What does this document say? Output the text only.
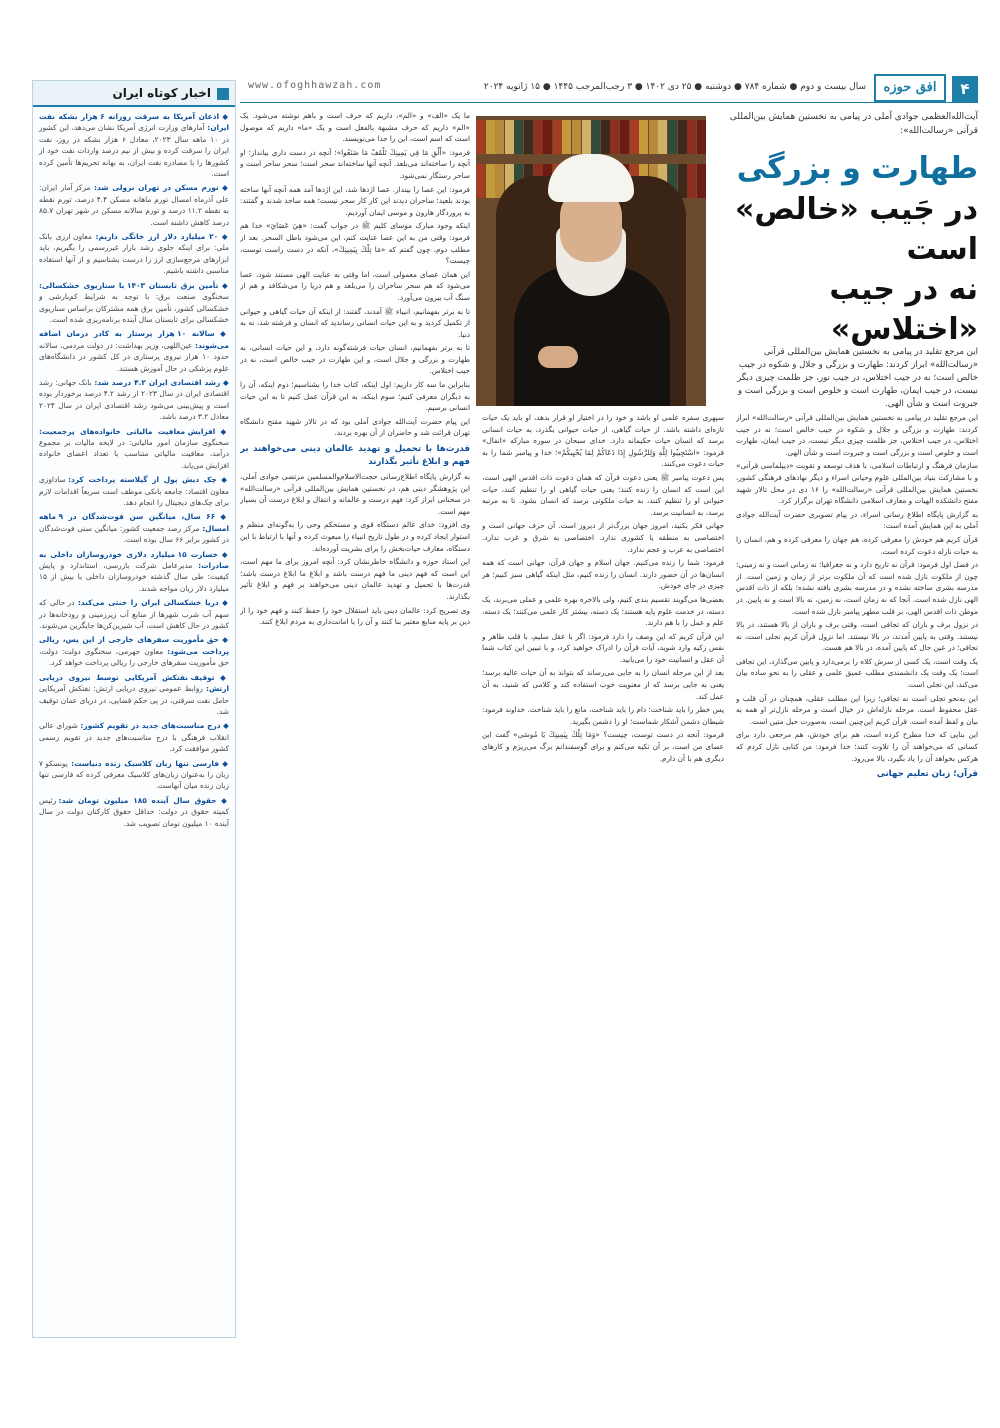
۴
افق حوزه
سال بیست و دوم ● شماره ۷۸۴ ● دوشنبه ● ۲۵ دی ۱۴۰۲ ● ۳ رجب‌المرجب ۱۴۴۵ ● ۱۵ ژانویه ۲۰۲۴
www.ofoghhawzah.com
اخبار کوتاه ایران
◆ اذعان آمریکا به سرقت روزانه ۶ هزار بشکه نفت ایران: آمارهای وزارت انرژی آمریکا نشان می‌دهد، این کشور در ۱۰ ماهه سال ۲۰۲۳، معادل ۶ هزار بشکه در روز، نفت ایران را سرقت کرده و بیش از نیم درصد واردات نفت خود از کشورها را با مصادره نفت ایران، به بهانه تحریم‌ها تأمین کرده است.
◆ تورم مسکن در تهران نزولی شد: مرکز آمار ایران: علی آذرماه امسال تورم ماهانه مسکن ۴.۴ درصد، تورم نقطه به نقطه ۱۱.۲ درصد و تورم سالانه مسکن در شهر تهران ۸۵.۷ درصد کاهش داشته است.
◆ ۲۰ میلیارد دلار ارز خانگی داریم: معاون ارزی بانک ملی: برای اینکه جلوی رشد بازار غیررسمی را بگیریم، باید ابزارهای مرجع‌سازی ارز را درست بشناسیم و از آنها استفاده مناسبی داشته باشیم.
◆ تأمین برق تابستان ۱۴۰۳ با سناریوی خشکسالی: سخنگوی صنعت برق: با توجه به شرایط کم‌بارشی و خشکسالی کشور، تأمین برق همه مشترکان براساس سناریوی خشکسالی برای تابستان سال آینده برنامه‌ریزی شده است.
◆ سالانه ۱۰ هزار پرستار به کادر درمان اضافه می‌شوند: عین‌اللهی، وزیر بهداشت: در دولت مردمی، سالانه حدود ۱۰ هزار نیروی پرستاری در کل کشور در دانشگاه‌های علوم پزشکی در حال آموزش هستند.
◆ رشد اقتصادی ایران ۴.۲ درصد شد: بانک جهانی: رشد اقتصادی ایران در سال ۲۰۲۳ از رشد ۴.۲ درصد برخوردار بوده است و پیش‌بینی می‌شود رشد اقتصادی ایران در سال ۲۰۲۴ معادل ۳.۲ درصد باشد.
◆ افزایش معافیت مالیاتی خانواده‌های پرجمعیت: سخنگوی سازمان امور مالیاتی: در لایحه مالیات بر مجموع درآمد، معافیت مالیاتی متناسب با تعداد اعضای خانواده افزایش می‌یابد.
◆ چک دیش پول از گیلاسته پرداخت کرد: ساداوزی معاون اقتصاد: جامعه بانکی موظف است سریعاً اقدامات لازم برای چک‌های دیجیتال را انجام دهد.
◆ ۶۶ سال، میانگین سن فوت‌شدگان در ۹ ماهه امسال: مرکز رصد جمعیت کشور: میانگین سنی فوت‌شدگان در کشور برابر ۶۶ سال بوده است.
◆ خسارت ۱۵ میلیارد دلاری خودروسازان داخلی به صادرات: مدیرعامل شرکت بازرسی، استاندارد و پایش کیفیت: طی سال گذشته خودروسازان داخلی با بیش از ۱۵ میلیارد دلار زیان مواجه شدند.
◆ دریا خشکسالی ایران را خنثی می‌کند: در حالی که سهم آب شرب شهرها از منابع آب زیرزمینی و رودخانه‌ها در کشور در حال کاهش است، آب شیرین‌کن‌ها جایگزین می‌شوند.
◆ حق مأموریت سفرهای خارجی از این پس، ریالی پرداخت می‌شود: معاون جهرمی، سخنگوی دولت: دولت، حق مأموریت سفرهای خارجی را ریالی پرداخت خواهد کرد.
◆ توقیف نفتکش آمریکایی توسط نیروی دریایی ارتش: روابط عمومی نیروی دریایی ارتش: نفتکش آمریکایی حامل نفت سرقتی، در پی حکم قضایی، در دریای عمان توقیف شد.
◆ درج مناسبت‌های جدید در تقویم کشور: شورای عالی انقلاب فرهنگی با درج مناسبت‌های جدید در تقویم رسمی کشور موافقت کرد.
◆ فارسی تنها زبان کلاسیک زنده دنیاست: یونسکو ۷ زبان را به‌عنوان زبان‌های کلاسیک معرفی کرده که فارسی تنها زبان زنده میان آنهاست.
◆ حقوق سال آینده ۱۸۵ میلیون تومان شد: رئیس کمیته حقوق در دولت: حداقل حقوق کارکنان دولت در سال آینده ۱۰ میلیون تومان تصویب شد.
آیت‌الله‌العظمی جوادی آملی در پیامی به نخستین همایش بین‌المللی قرآنی «رسالت‌الله»:
طهارت و بزرگی
در جَیب «خالص» است
نه در جیب «اختلاس»
این مرجع تقلید در پیامی به نخستین همایش بین‌المللی قرآنی «رسالت‌الله» ابراز کردند: طهارت و بزرگی و جلال و شکوه در جیب خالص است؛ نه در جیب اختلاس، در جیب نور، جز ظلمت چیزی دیگر نیست، در جیب ایمان، طهارت است و خلوص است و بزرگی است و جبروت است و شأن الهی.

این مرجع تقلید در پیامی به نخستین همایش بین‌المللی قرآنی «رسالت‌الله» ابراز کردند: طهارت و بزرگی و جلال و شکوه در جیب خالص است؛ نه در جیب اختلاس، در جیب اختلاس، جز ظلمت چیزی دیگر نیست، در جیب ایمان، طهارت است و خلوص است و بزرگی است و جبروت است و شأن الهی.

سازمان فرهنگ و ارتباطات اسلامی، با هدف توسعه و تقویت «دیپلماسی قرآنی» و با مشارکت بنیاد بین‌المللی علوم وحیانی اسراء و دیگر نهادهای فرهنگی کشور، نخستین همایش بین‌المللی قرآنی «رسالت‌الله» را ۱۶ دی در محل تالار شهید مفتح دانشکده الهیات و معارف اسلامی دانشگاه تهران برگزار کرد.

به گزارش پایگاه اطلاع رسانی اسراء، در پیام تصویری حضرت آیت‌الله جوادی آملی به این همایش آمده است:

قرآن کریم هم خودش را معرفی کرده، هم جهان را معرفی کرده و هم، انسان را به حیات نازله دعوت کرده است.

در فصل اول فرمود: قرآن نه تاریخ دارد و نه جغرافیا؛ نه زمانی است و نه زمینی؛ چون از ملکوت نازل شده است که آن ملکوت برتر از زمان و زمین است. از مدرسه بشری ساخته نشده و در مدرسه بشری بافته نشده؛ بلکه از ذات اقدس الهی نازل شده است. آنجا که نه زمان است، نه زمین، نه بالا است و نه پایین. در موطن ذات اقدس الهی، بر قلب مطهر پیامبر نازل شده است.

در نزول برف و باران که تجافی است، وقتی برف و باران از بالا هستند، در بالا نیستند. وقتی به پایین آمدند، در بالا نیستند. اما نزول قرآن کریم تجلی است، نه تجافی؛ در عین حال که پایین آمده، در بالا هم هست.

یک وقت است، یک کسی از سرش کلاه را برمی‌دارد و پایین می‌گذارد، این تجافی است؛ یک وقت یک دانشمندی مطلب عمیق علمی و عقلی را به نحو ساده بیان می‌کند، این تجلی است.

این به‌نحو تجلی است نه تجافی؛ زیرا این مطلب عقلی، همچنان در آن قلب و عقل محفوظ است. مرحله نازله‌اش در خیال است و مرحله نازل‌تر او همه به بیان و لفظ آمده است. قرآن کریم این‌چنین است، به‌صورت حبل متین است.

این بنایی که خدا مطرح کرده است، هم برای خودش، هم مرجعی دارد برای کسانی که می‌خواهند آن را تلاوت کنند؛ خدا فرمود: من کتابی نازل کردم که هرکس بخواهد آن را یاد بگیرد، بالا می‌رود.

قرآن؛ زبان تعلیم جهانی

سپهری سفره علمی او باشد و خود را در اختیار او قرار بدهد، او باید یک حیات تازه‌ای داشته باشد. از حیات گیاهی، از حیات حیوانی بگذرد، به حیات انسانی برسد که انسان حیات حکیمانه دارد. خدای سبحان در سوره مبارکه «انفال» فرمود: «اسْتَجِيبُوا لِلَّهِ وَلِلرَّسُولِ إِذَا دَعَاكُمْ لِمَا يُحْيِيكُمْ»؛ خدا و پیامبر شما را به حیات دعوت می‌کنند.

پس دعوت پیامبر ﷺ یعنی دعوت قرآن که همان دعوت ذات اقدس الهی است، این است که انسان را زنده کنند؛ یعنی حیات گیاهی او را تنظیم کنند، حیات حیوانی او را تنظیم کنند، به حیات ملکوتی برسد که انسان بشود. تا به مرتبه برسد، به انسانیت برسد.

جهانی فکر بکنید، امروز جهان بزرگ‌تر از دیروز است. آن حرف جهانی است و اختصاصی به منطقه یا کشوری ندارد. اختصاصی به شرق و غرب ندارد. اختصاصی به عرب و عجم ندارد.

فرمود: شما را زنده می‌کنیم. جهان اسلام و جهان قرآن، جهانی است که همه انسان‌ها در آن حضور دارند. انسان را زنده کنیم، مثل اینکه گیاهی سبز کنیم؛ هر چیزی در جای خودش.

بعضی‌ها می‌گویند تقسیم بندی کنیم، ولی بالاخره بهره علمی و عملی می‌برند، یک دسته، در خدمت علوم پایه هستند؛ یک دسته، بیشتر کار علمی می‌کنند؛ یک دسته، علم و عمل را با هم دارند.

این قرآن کریم که این وصف را دارد فرمود: اگر با عقل سلیم، با قلب طاهر و نفس زکیه وارد شوید، آیات قرآن را ادراک خواهید کرد، و با تبیین این کتاب شما آن عقل و انسانیت خود را می‌یابید.

بعد از این مرحله انسان را به جایی می‌رساند که بتواند به آن حیات عالیه برسد؛ یعنی به جایی برسد که از معنویت خوب استفاده کند و کلامی که شنید، به آن عمل کند.

پس خطر را باید شناخت؛ دام را باید شناخت، مانع را باید شناخت. خداوند فرمود: شیطان دشمن آشکار شماست؛ او را دشمن بگیرید.

فرمود: آنجه در دست توست، چیست؟ «وَمَا تِلْكَ بِيَمِينِكَ يَا مُوسَى» گفت این عصای من است، بر آن تکیه می‌کنم و برای گوسفندانم برگ می‌ریزم و کارهای دیگری هم با آن دارم.

ما یک «الف» و «الم»، داریم که حرف است و باهم نوشته می‌شود. یک «الم» داریم که حرف مشبهة بالفعل است و یک «ما» داریم که موصول است که اسم است، این را جدا می‌نویسند.

فرمود: «أَلْقِ مَا فِي يَمِينِكَ تَلْقَفْ مَا صَنَعُوا»؛ آنچه در دست داری بیانداز؛ او آنچه را ساخته‌اند می‌بلعد. آنچه آنها ساخته‌اند سحر است؛ سحر ساحر است و ساحر رستگار نمی‌شود.

فرمود: این عصا را بینداز. عصا اژدها شد، این اژدها آمد همه آنچه آنها ساخته بودند بلعید؛ ساحران دیدند این کار کار سحر نیست؛ همه ساجد شدند و گفتند: به پروردگار هارون و موسی ایمان آوردیم.

اینکه وجود مبارک موسای کلیم ﷺ در جواب گفت: «هِيَ عَصَايَ» خدا هم فرمود: وقتی من به این عصا عنایت کنم، این می‌شود باطل السحر. بعد از مطلب دوم، چون گفتم که «مَا تِلْكَ بِيَمِينِكَ»، آنکه در دست راست توست، چیست؟

این همان عصای معمولی است، اما وقتی به عنایت الهی مستند شود، عصا می‌شود که هم سحر ساحران را می‌بلعد و هم دریا را می‌شکافد و هم از سنگ آب بیرون می‌آورد.

تا به برتر بفهمانیم، انبیاء ﷺ آمدند، گفتند: از اینکه آن حیات گیاهی و حیوانی از تکمیل کردید و به این حیات انسانی رساندید که انسان و فرشته شد، نه به دنیا.

تا به برتر بفهمانیم، انسان حیات فرشته‌گونه دارد، و این حیات انسانی، به طهارت و بزرگی و جلال است، و این طهارت در جیب خالص است، نه در جیب اختلاس.

بنابراین ما سه کار داریم: اول اینکه، کتاب خدا را بشناسیم؛ دوم اینکه، آن را به دیگران معرفی کنیم؛ سوم اینکه، به این قرآن عمل کنیم تا به این حیات انسانی برسیم.

این پیام حضرت آیت‌الله جوادی آملی بود که در تالار شهید مفتح دانشگاه تهران قرائت شد و حاضران از آن بهره بردند.

قدرت‌ها با تحمیل و تهدید عالمان دینی می‌خواهند بر فهم و ابلاغ تأثیر بگذارند

به گزارش پایگاه اطلاع‌رسانی حجت‌الاسلام‌والمسلمین مرتضی جوادی آملی، این پژوهشگر دینی هم، در نخستین همایش بین‌المللی قرآنی «رسالت‌الله» در سخنانی ابراز کرد: فهم درست و عالمانه و انتقال و ابلاغ درست آن بسیار مهم است.

وی افزود: خدای عالم دستگاه قوی و مستحکم وحی را به‌گونه‌ای منظم و استوار ایجاد کرده و در طول تاریخ انبیاء را مبعوث کرده و آنها با ارتباط با این دستگاه، معارف حیات‌بخش را برای بشریت آورده‌اند.

این استاد حوزه و دانشگاه خاطرنشان کرد: آنچه امروز برای ما مهم است، این است که فهم دینی ما فهم درست باشد و ابلاغ ما ابلاغ درست باشد؛ قدرت‌ها با تحمیل و تهدید عالمان دینی می‌خواهند بر فهم و ابلاغ تأثیر بگذارند.

وی تصریح کرد: عالمان دینی باید استقلال خود را حفظ کنند و فهم خود را از دین بر پایه منابع معتبر بنا کنند و آن را با امانت‌داری به مردم ابلاغ کنند.
